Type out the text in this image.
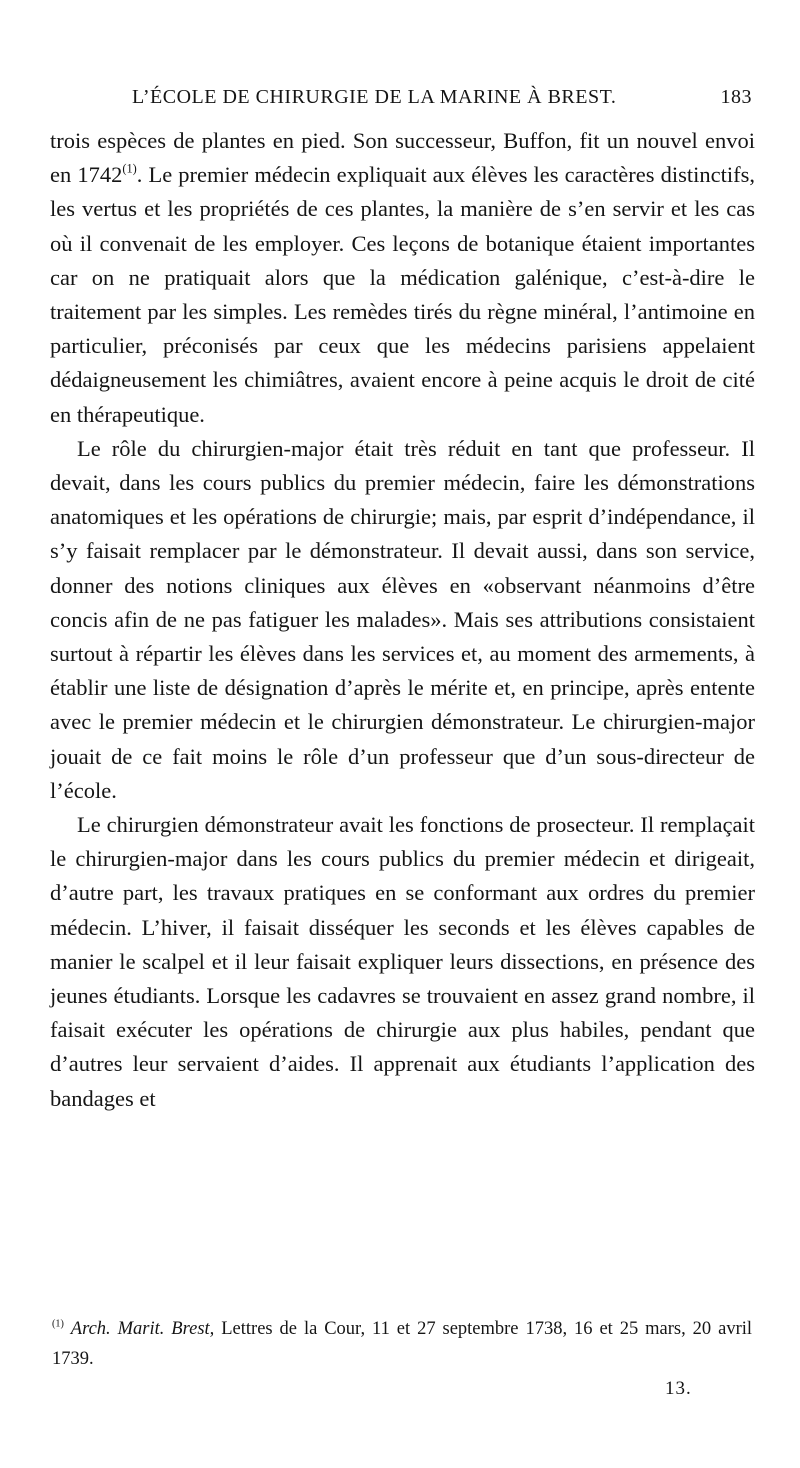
L’ÉCOLE DE CHIRURGIE DE LA MARINE À BREST.	183

trois espèces de plantes en pied. Son successeur, Buffon, fit un nouvel envoi en 1742$^{(1)}$. Le premier médecin expliquait aux élèves les caractères distinctifs, les vertus et les propriétés de ces plantes, la manière de s’en servir et les cas où il convenait de les employer. Ces leçons de botanique étaient importantes car on ne pratiquait alors que la médication galénique, c’est-à-dire le traitement par les simples. Les remèdes tirés du règne minéral, l’antimoine en particulier, préconisés par ceux que les médecins parisiens appelaient dédaigneusement les chimiâtres, avaient encore à peine acquis le droit de cité en thérapeutique.

Le rôle du chirurgien-major était très réduit en tant que professeur. Il devait, dans les cours publics du premier médecin, faire les démonstrations anatomiques et les opérations de chirurgie; mais, par esprit d’indépendance, il s’y faisait remplacer par le démonstrateur. Il devait aussi, dans son service, donner des notions cliniques aux élèves en «observant néanmoins d’être concis afin de ne pas fatiguer les malades». Mais ses attributions consistaient surtout à répartir les élèves dans les services et, au moment des armements, à établir une liste de désignation d’après le mérite et, en principe, après entente avec le premier médecin et le chirurgien démonstrateur. Le chirurgien-major jouait de ce fait moins le rôle d’un professeur que d’un sous-directeur de l’école.

Le chirurgien démonstrateur avait les fonctions de prosecteur. Il remplaçait le chirurgien-major dans les cours publics du premier médecin et dirigeait, d’autre part, les travaux pratiques en se conformant aux ordres du premier médecin. L’hiver, il faisait disséquer les seconds et les élèves capables de manier le scalpel et il leur faisait expliquer leurs dissections, en présence des jeunes étudiants. Lorsque les cadavres se trouvaient en assez grand nombre, il faisait exécuter les opérations de chirurgie aux plus habiles, pendant que d’autres leur servaient d’aides. Il apprenait aux étudiants l’application des bandages et

$^{(1)}$ Arch. Marit. Brest, Lettres de la Cour, 11 et 27 septembre 1738, 16 et 25 mars, 20 avril 1739.
13.
